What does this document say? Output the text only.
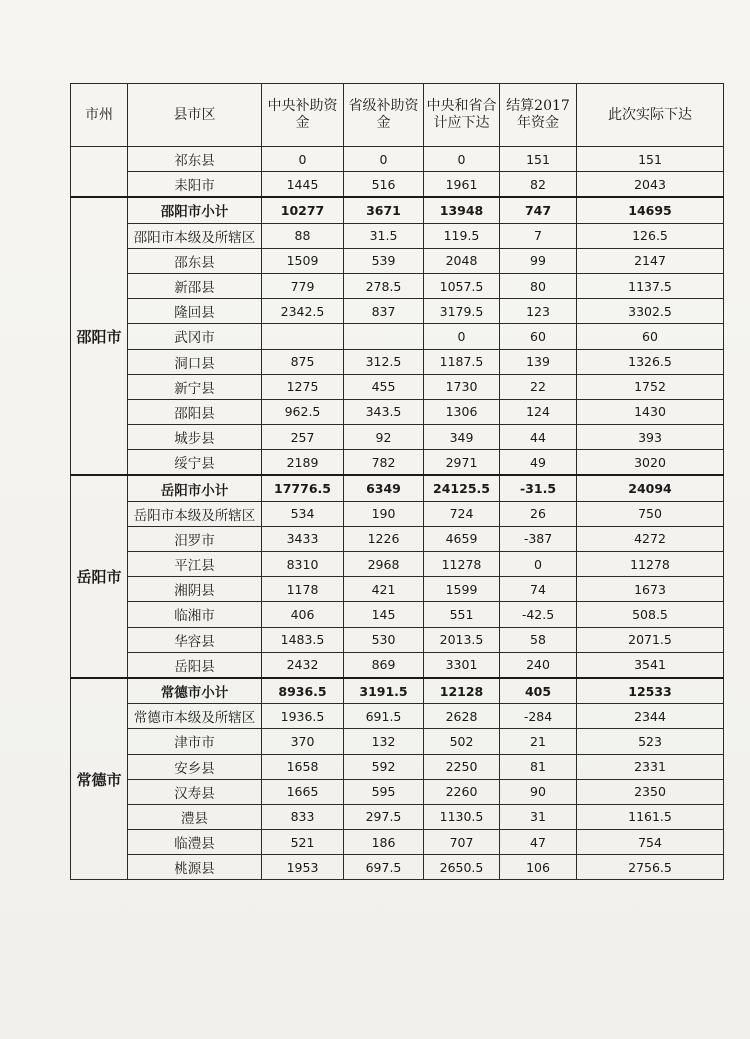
市州	县市区	中央补助资金	省级补助资金	中央和省合计应下达	结算2017年资金	此次实际下达
	祁东县	0	0	0	151	151
	耒阳市	1445	516	1961	82	2043
邵阳市	邵阳市小计	10277	3671	13948	747	14695
	邵阳市本级及所辖区	88	31.5	119.5	7	126.5
	邵东县	1509	539	2048	99	2147
	新邵县	779	278.5	1057.5	80	1137.5
	隆回县	2342.5	837	3179.5	123	3302.5
	武冈市			0	60	60
	洞口县	875	312.5	1187.5	139	1326.5
	新宁县	1275	455	1730	22	1752
	邵阳县	962.5	343.5	1306	124	1430
	城步县	257	92	349	44	393
	绥宁县	2189	782	2971	49	3020
岳阳市	岳阳市小计	17776.5	6349	24125.5	-31.5	24094
	岳阳市本级及所辖区	534	190	724	26	750
	汨罗市	3433	1226	4659	-387	4272
	平江县	8310	2968	11278	0	11278
	湘阴县	1178	421	1599	74	1673
	临湘市	406	145	551	-42.5	508.5
	华容县	1483.5	530	2013.5	58	2071.5
	岳阳县	2432	869	3301	240	3541
常德市	常德市小计	8936.5	3191.5	12128	405	12533
	常德市本级及所辖区	1936.5	691.5	2628	-284	2344
	津市市	370	132	502	21	523
	安乡县	1658	592	2250	81	2331
	汉寿县	1665	595	2260	90	2350
	澧县	833	297.5	1130.5	31	1161.5
	临澧县	521	186	707	47	754
	桃源县	1953	697.5	2650.5	106	2756.5
